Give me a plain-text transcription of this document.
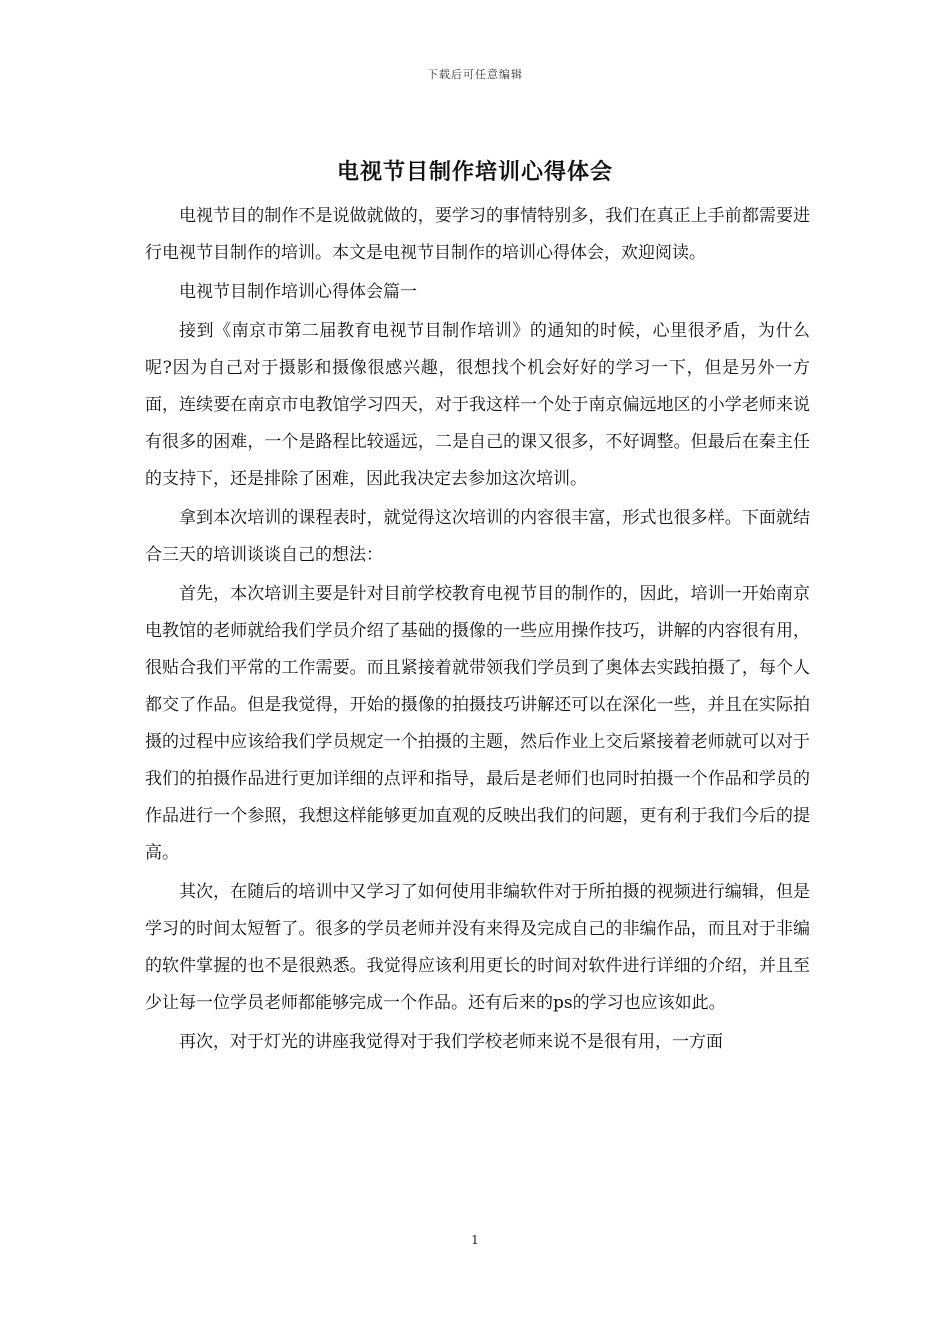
下载后可任意编辑
电视节目制作培训心得体会

电视节目的制作不是说做就做的，要学习的事情特别多，我们在真正上手前都需要进行电视节目制作的培训。本文是电视节目制作的培训心得体会，欢迎阅读。

电视节目制作培训心得体会篇一

接到《南京市第二届教育电视节目制作培训》的通知的时候，心里很矛盾，为什么呢?因为自己对于摄影和摄像很感兴趣，很想找个机会好好的学习一下，但是另外一方面，连续要在南京市电教馆学习四天，对于我这样一个处于南京偏远地区的小学老师来说有很多的困难，一个是路程比较遥远，二是自己的课又很多，不好调整。但最后在秦主任的支持下，还是排除了困难，因此我决定去参加这次培训。

拿到本次培训的课程表时，就觉得这次培训的内容很丰富，形式也很多样。下面就结合三天的培训谈谈自己的想法：

首先，本次培训主要是针对目前学校教育电视节目的制作的，因此，培训一开始南京电教馆的老师就给我们学员介绍了基础的摄像的一些应用操作技巧，讲解的内容很有用，很贴合我们平常的工作需要。而且紧接着就带领我们学员到了奥体去实践拍摄了，每个人都交了作品。但是我觉得，开始的摄像的拍摄技巧讲解还可以在深化一些，并且在实际拍摄的过程中应该给我们学员规定一个拍摄的主题，然后作业上交后紧接着老师就可以对于我们的拍摄作品进行更加详细的点评和指导，最后是老师们也同时拍摄一个作品和学员的作品进行一个参照，我想这样能够更加直观的反映出我们的问题，更有利于我们今后的提高。

其次，在随后的培训中又学习了如何使用非编软件对于所拍摄的视频进行编辑，但是学习的时间太短暂了。很多的学员老师并没有来得及完成自己的非编作品，而且对于非编的软件掌握的也不是很熟悉。我觉得应该利用更长的时间对软件进行详细的介绍，并且至少让每一位学员老师都能够完成一个作品。还有后来的ps的学习也应该如此。

再次，对于灯光的讲座我觉得对于我们学校老师来说不是很有用，一方面

1
